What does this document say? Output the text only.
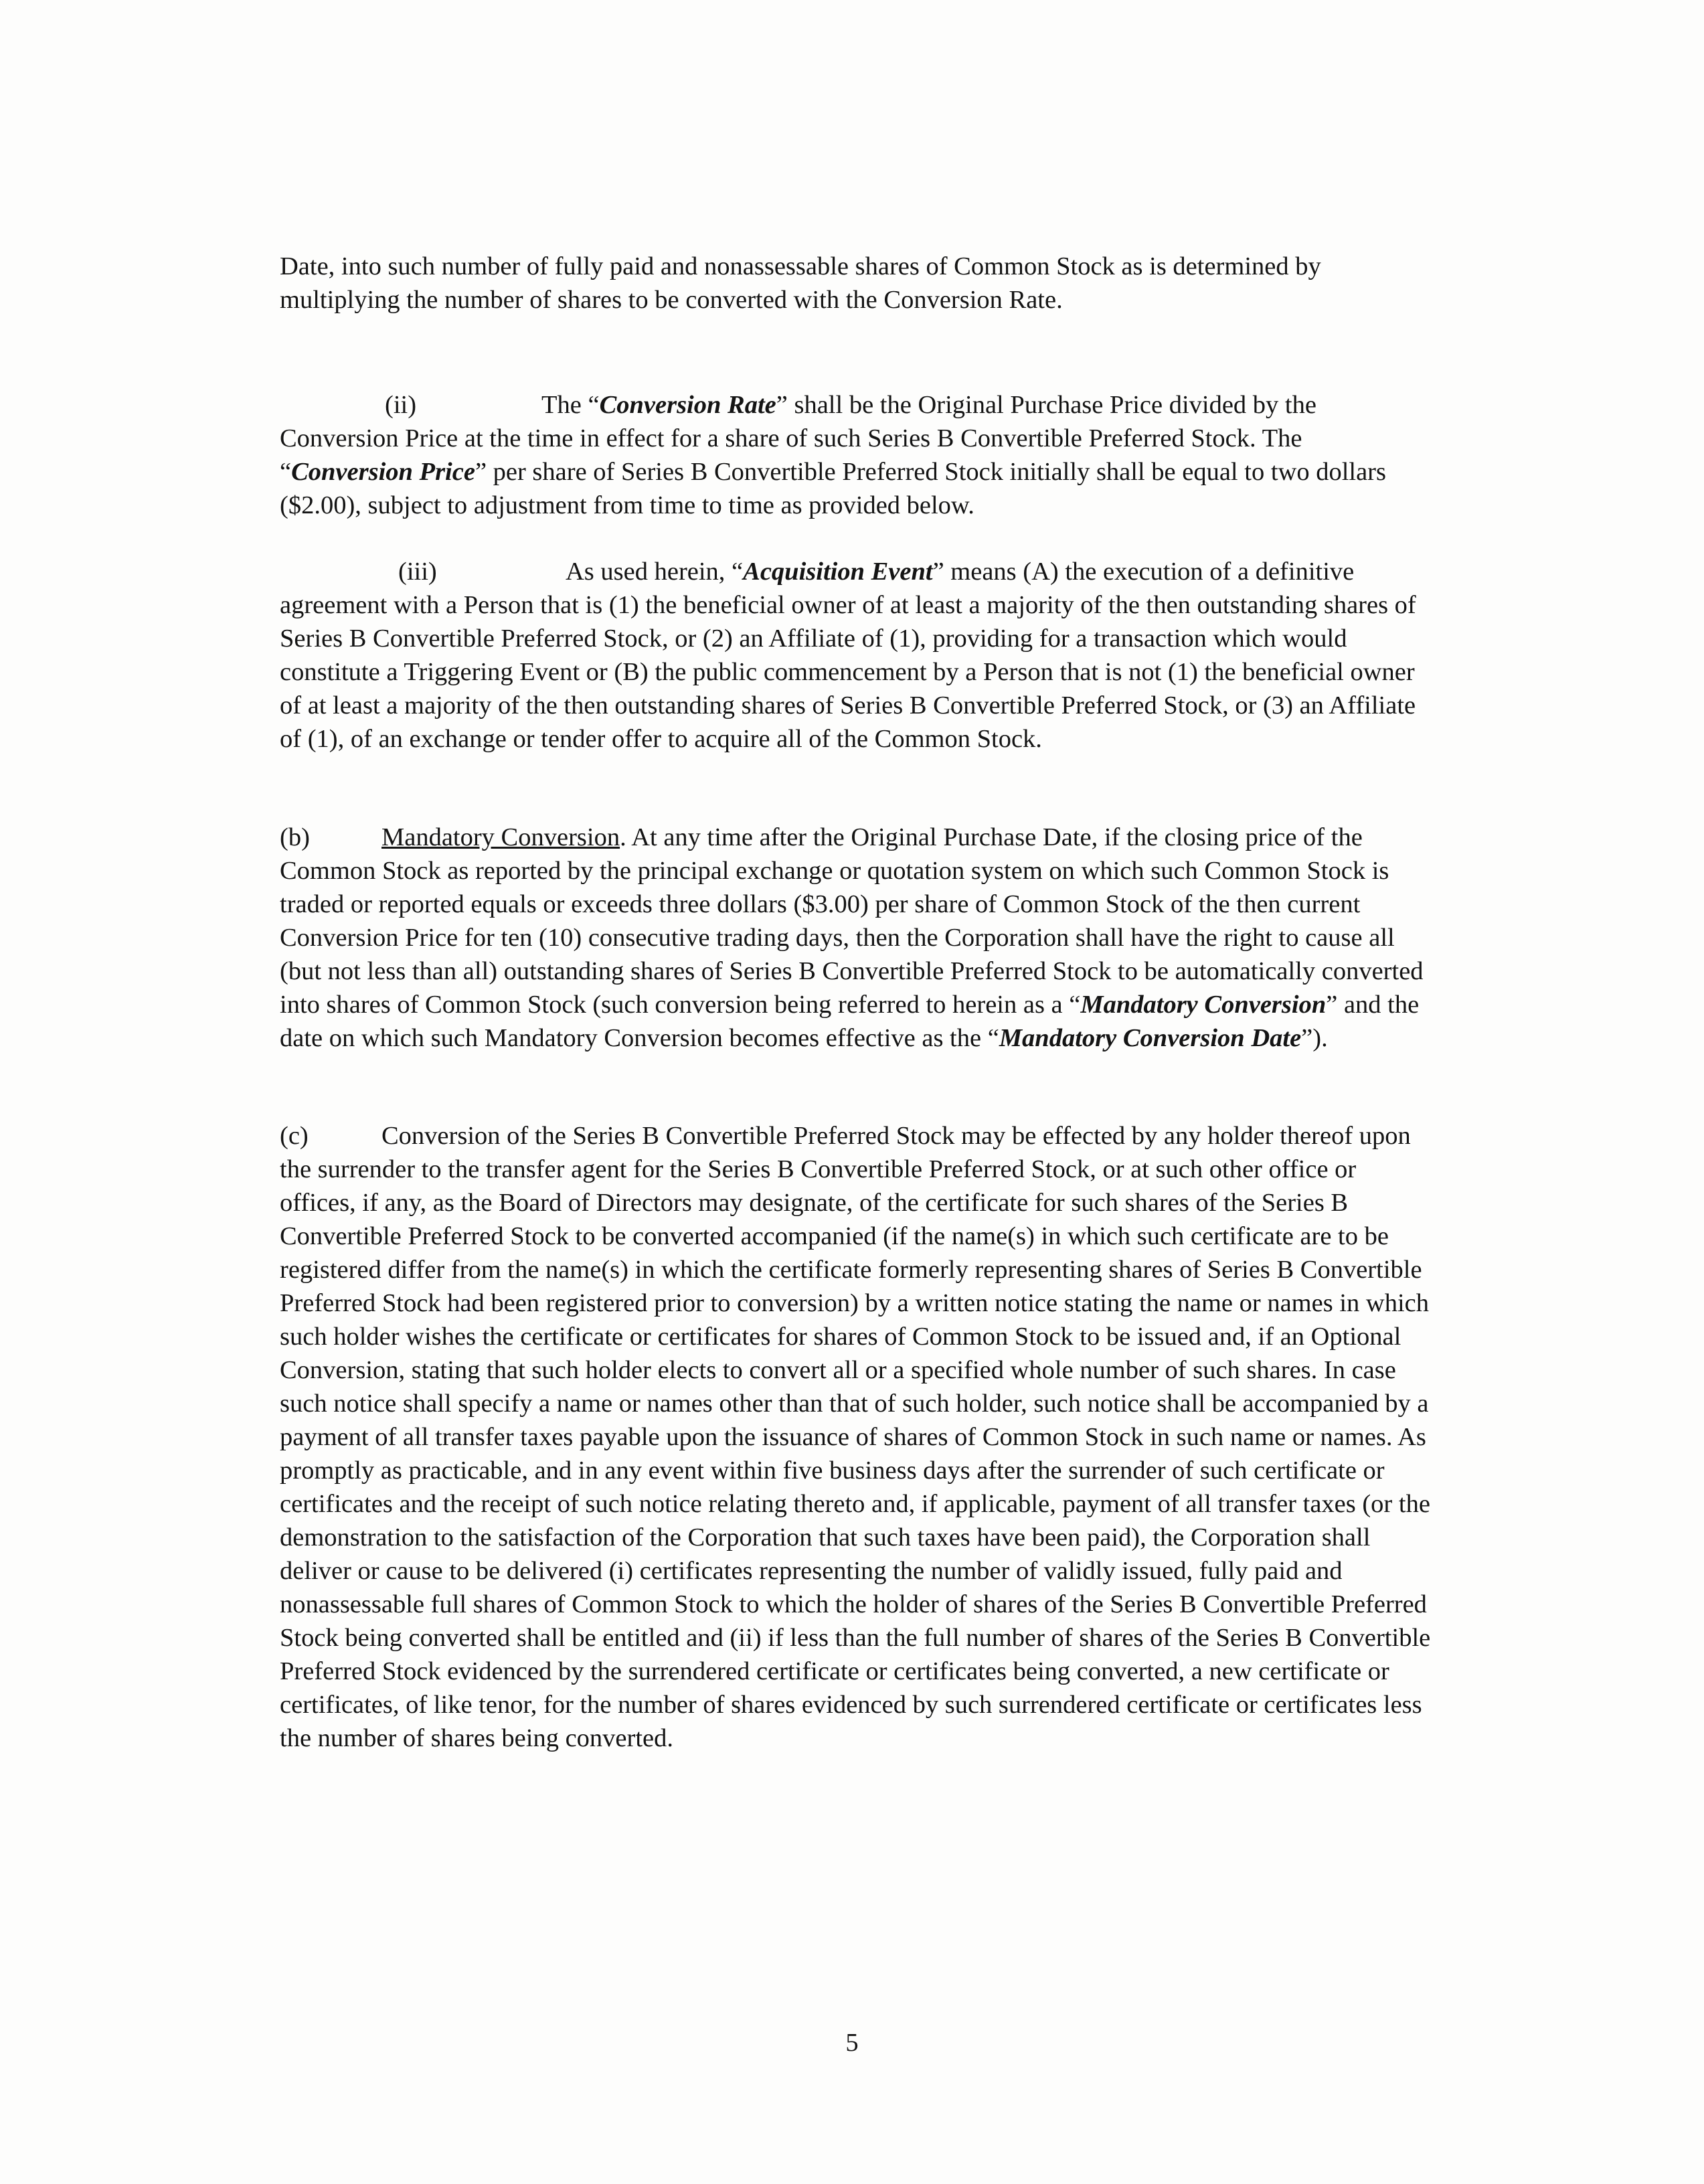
Date, into such number of fully paid and nonassessable shares of Common Stock as is determined by multiplying the number of shares to be converted with the Conversion Rate.

(ii)	The “Conversion Rate” shall be the Original Purchase Price divided by the Conversion Price at the time in effect for a share of such Series B Convertible Preferred Stock. The “Conversion Price” per share of Series B Convertible Preferred Stock initially shall be equal to two dollars ($2.00), subject to adjustment from time to time as provided below.

(iii)	As used herein, “Acquisition Event” means (A) the execution of a definitive agreement with a Person that is (1) the beneficial owner of at least a majority of the then outstanding shares of Series B Convertible Preferred Stock, or (2) an Affiliate of (1), providing for a transaction which would constitute a Triggering Event or (B) the public commencement by a Person that is not (1) the beneficial owner of at least a majority of the then outstanding shares of Series B Convertible Preferred Stock, or (3) an Affiliate of (1), of an exchange or tender offer to acquire all of the Common Stock.

(b)	Mandatory Conversion. At any time after the Original Purchase Date, if the closing price of the Common Stock as reported by the principal exchange or quotation system on which such Common Stock is traded or reported equals or exceeds three dollars ($3.00) per share of Common Stock of the then current Conversion Price for ten (10) consecutive trading days, then the Corporation shall have the right to cause all (but not less than all) outstanding shares of Series B Convertible Preferred Stock to be automatically converted into shares of Common Stock (such conversion being referred to herein as a “Mandatory Conversion” and the date on which such Mandatory Conversion becomes effective as the “Mandatory Conversion Date”).

(c)	Conversion of the Series B Convertible Preferred Stock may be effected by any holder thereof upon the surrender to the transfer agent for the Series B Convertible Preferred Stock, or at such other office or offices, if any, as the Board of Directors may designate, of the certificate for such shares of the Series B Convertible Preferred Stock to be converted accompanied (if the name(s) in which such certificate are to be registered differ from the name(s) in which the certificate formerly representing shares of Series B Convertible Preferred Stock had been registered prior to conversion) by a written notice stating the name or names in which such holder wishes the certificate or certificates for shares of Common Stock to be issued and, if an Optional Conversion, stating that such holder elects to convert all or a specified whole number of such shares. In case such notice shall specify a name or names other than that of such holder, such notice shall be accompanied by a payment of all transfer taxes payable upon the issuance of shares of Common Stock in such name or names. As promptly as practicable, and in any event within five business days after the surrender of such certificate or certificates and the receipt of such notice relating thereto and, if applicable, payment of all transfer taxes (or the demonstration to the satisfaction of the Corporation that such taxes have been paid), the Corporation shall deliver or cause to be delivered (i) certificates representing the number of validly issued, fully paid and nonassessable full shares of Common Stock to which the holder of shares of the Series B Convertible Preferred Stock being converted shall be entitled and (ii) if less than the full number of shares of the Series B Convertible Preferred Stock evidenced by the surrendered certificate or certificates being converted, a new certificate or certificates, of like tenor, for the number of shares evidenced by such surrendered certificate or certificates less the number of shares being converted.

5
